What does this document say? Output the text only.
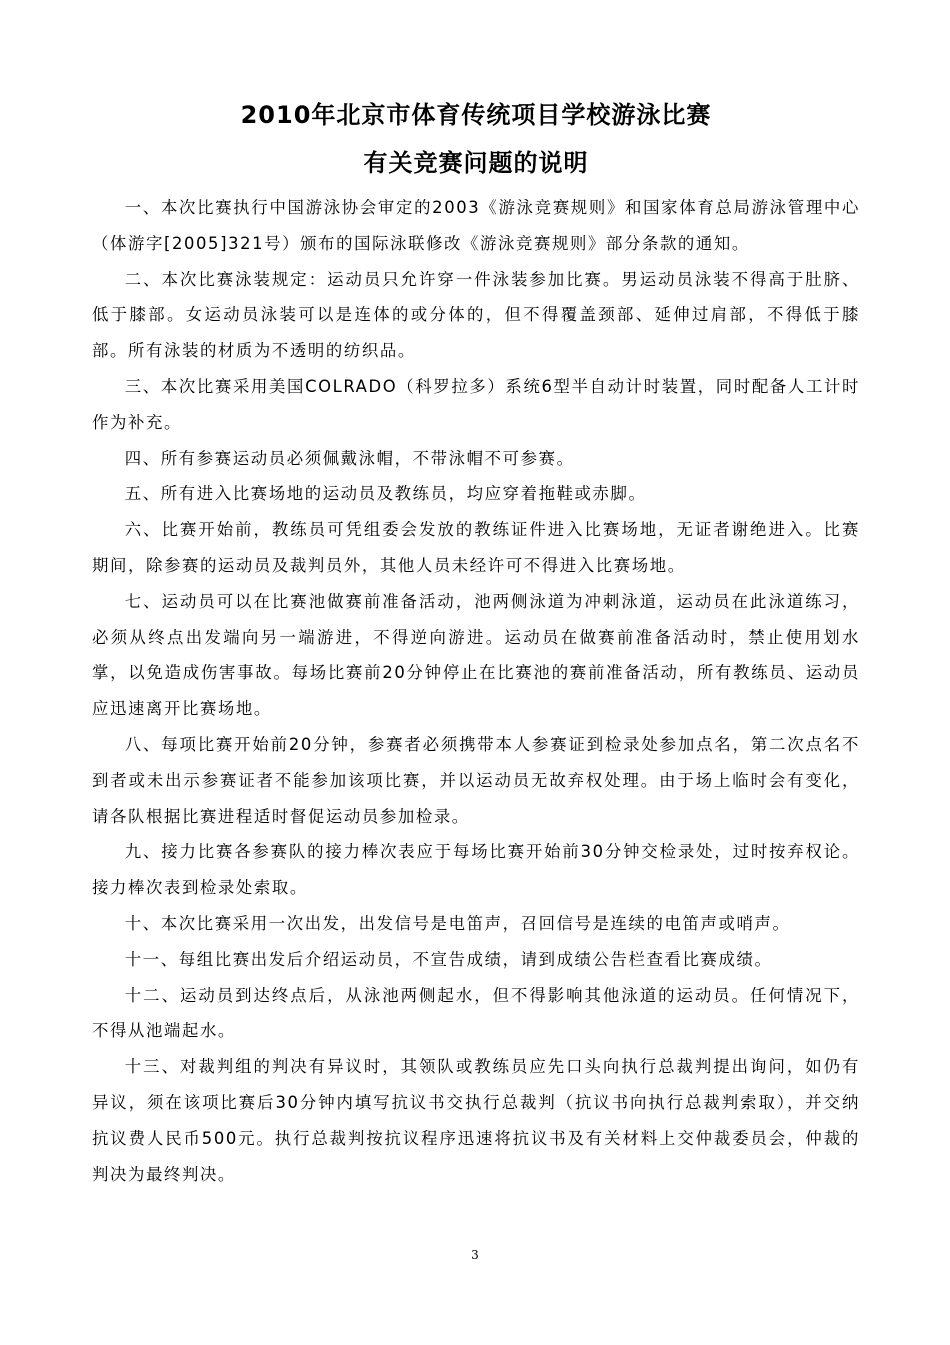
2010年北京市体育传统项目学校游泳比赛
有关竞赛问题的说明

一、本次比赛执行中国游泳协会审定的2003《游泳竞赛规则》和国家体育总局游泳管理中心（体游字[2005]321号）颁布的国际泳联修改《游泳竞赛规则》部分条款的通知。

二、本次比赛泳装规定：运动员只允许穿一件泳装参加比赛。男运动员泳装不得高于肚脐、低于膝部。女运动员泳装可以是连体的或分体的，但不得覆盖颈部、延伸过肩部，不得低于膝部。所有泳装的材质为不透明的纺织品。

三、本次比赛采用美国COLRADO（科罗拉多）系统6型半自动计时装置，同时配备人工计时作为补充。

四、所有参赛运动员必须佩戴泳帽，不带泳帽不可参赛。

五、所有进入比赛场地的运动员及教练员，均应穿着拖鞋或赤脚。

六、比赛开始前，教练员可凭组委会发放的教练证件进入比赛场地，无证者谢绝进入。比赛期间，除参赛的运动员及裁判员外，其他人员未经许可不得进入比赛场地。

七、运动员可以在比赛池做赛前准备活动，池两侧泳道为冲刺泳道，运动员在此泳道练习，必须从终点出发端向另一端游进，不得逆向游进。运动员在做赛前准备活动时，禁止使用划水掌，以免造成伤害事故。每场比赛前20分钟停止在比赛池的赛前准备活动，所有教练员、运动员应迅速离开比赛场地。

八、每项比赛开始前20分钟，参赛者必须携带本人参赛证到检录处参加点名，第二次点名不到者或未出示参赛证者不能参加该项比赛，并以运动员无故弃权处理。由于场上临时会有变化，请各队根据比赛进程适时督促运动员参加检录。

九、接力比赛各参赛队的接力棒次表应于每场比赛开始前30分钟交检录处，过时按弃权论。接力棒次表到检录处索取。

十、本次比赛采用一次出发，出发信号是电笛声，召回信号是连续的电笛声或哨声。

十一、每组比赛出发后介绍运动员，不宣告成绩，请到成绩公告栏查看比赛成绩。

十二、运动员到达终点后，从泳池两侧起水，但不得影响其他泳道的运动员。任何情况下，不得从池端起水。

十三、对裁判组的判决有异议时，其领队或教练员应先口头向执行总裁判提出询问，如仍有异议，须在该项比赛后30分钟内填写抗议书交执行总裁判（抗议书向执行总裁判索取），并交纳抗议费人民币500元。执行总裁判按抗议程序迅速将抗议书及有关材料上交仲裁委员会，仲裁的判决为最终判决。

3
